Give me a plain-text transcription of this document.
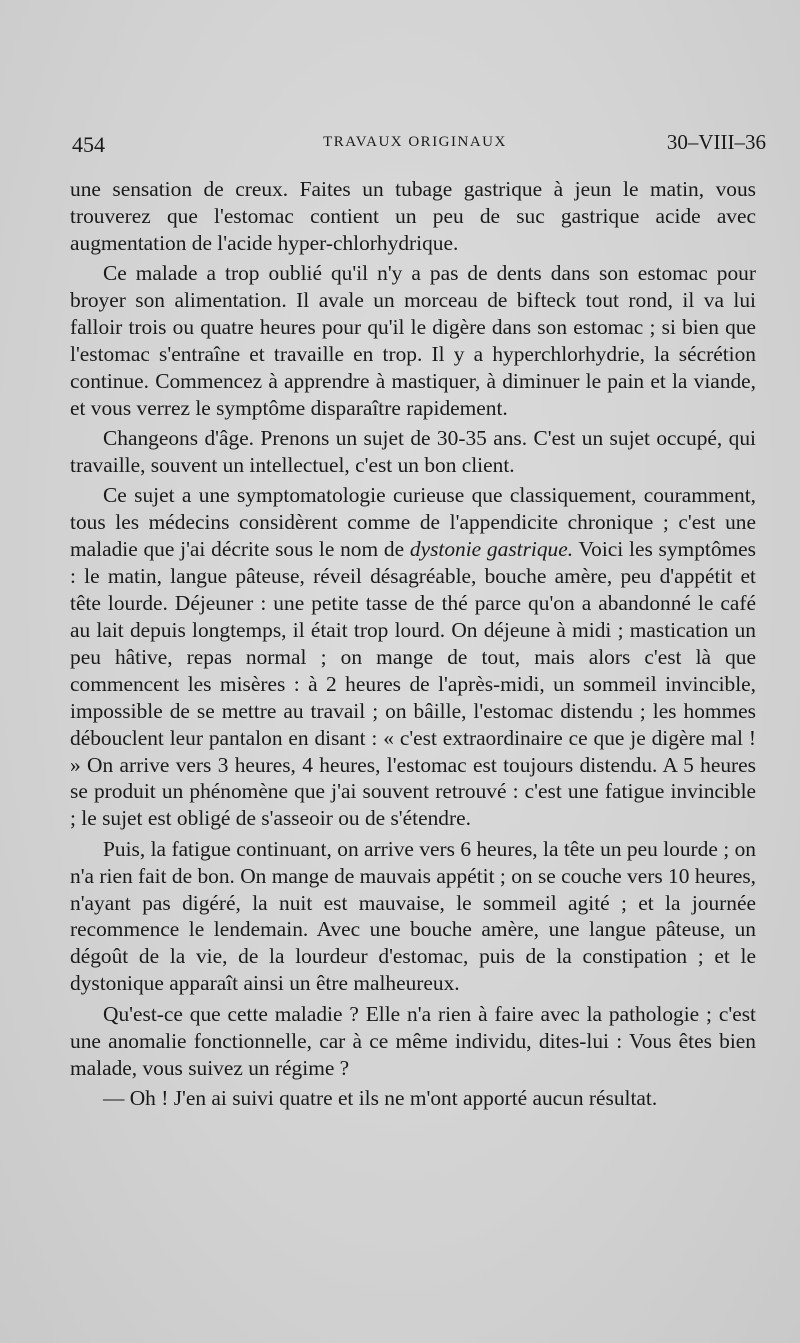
454	TRAVAUX ORIGINAUX	30–VIII–36

une sensation de creux. Faites un tubage gastrique à jeun le matin, vous trouverez que l'estomac contient un peu de suc gastrique acide avec augmentation de l'acide hyper-chlorhydrique.

Ce malade a trop oublié qu'il n'y a pas de dents dans son estomac pour broyer son alimentation. Il avale un morceau de bifteck tout rond, il va lui falloir trois ou quatre heures pour qu'il le digère dans son estomac ; si bien que l'estomac s'entraîne et travaille en trop. Il y a hyperchlorhydrie, la sécrétion continue. Commencez à apprendre à mastiquer, à diminuer le pain et la viande, et vous verrez le symptôme disparaître rapidement.

Changeons d'âge. Prenons un sujet de 30-35 ans. C'est un sujet occupé, qui travaille, souvent un intellectuel, c'est un bon client.

Ce sujet a une symptomatologie curieuse que classiquement, couramment, tous les médecins considèrent comme de l'appendicite chronique ; c'est une maladie que j'ai décrite sous le nom de dystonie gastrique. Voici les symptômes : le matin, langue pâteuse, réveil désagréable, bouche amère, peu d'appétit et tête lourde. Déjeuner : une petite tasse de thé parce qu'on a abandonné le café au lait depuis longtemps, il était trop lourd. On déjeune à midi ; mastication un peu hâtive, repas normal ; on mange de tout, mais alors c'est là que commencent les misères : à 2 heures de l'après-midi, un sommeil invincible, impossible de se mettre au travail ; on bâille, l'estomac distendu ; les hommes débouclent leur pantalon en disant : « c'est extraordinaire ce que je digère mal ! » On arrive vers 3 heures, 4 heures, l'estomac est toujours distendu. A 5 heures se produit un phénomène que j'ai souvent retrouvé : c'est une fatigue invincible ; le sujet est obligé de s'asseoir ou de s'étendre.

Puis, la fatigue continuant, on arrive vers 6 heures, la tête un peu lourde ; on n'a rien fait de bon. On mange de mauvais appétit ; on se couche vers 10 heures, n'ayant pas digéré, la nuit est mauvaise, le sommeil agité ; et la journée recommence le lendemain. Avec une bouche amère, une langue pâteuse, un dégoût de la vie, de la lourdeur d'estomac, puis de la constipation ; et le dystonique apparaît ainsi un être malheureux.

Qu'est-ce que cette maladie ? Elle n'a rien à faire avec la pathologie ; c'est une anomalie fonctionnelle, car à ce même individu, dites-lui : Vous êtes bien malade, vous suivez un régime ?

— Oh ! J'en ai suivi quatre et ils ne m'ont apporté aucun résultat.
